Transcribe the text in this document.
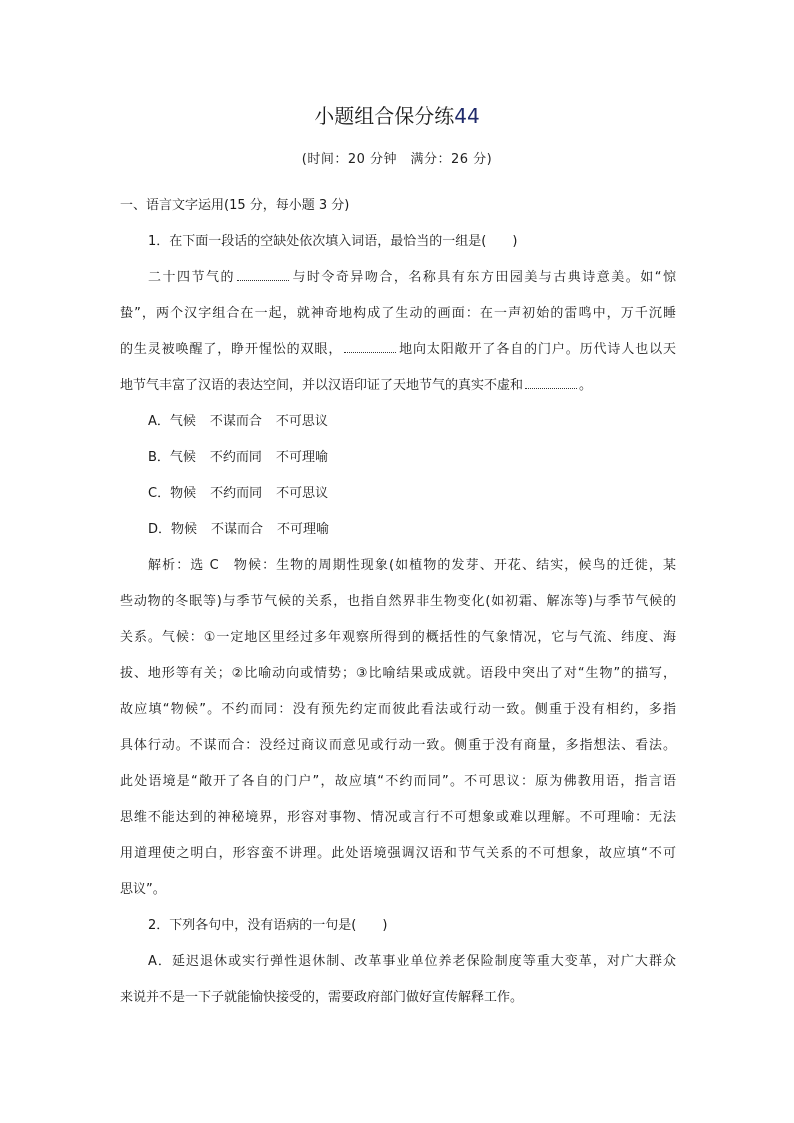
小题组合保分练44
(时间：20 分钟　满分：26 分)
一、语言文字运用(15 分，每小题 3 分)
1．在下面一段话的空缺处依次填入词语，最恰当的一组是(　　)
二十四节气的	与时令奇异吻合，名称具有东方田园美与古典诗意美。如“惊
蛰”，两个汉字组合在一起，就神奇地构成了生动的画面：在一声初始的雷鸣中，万千沉睡
的生灵被唤醒了，睁开惺忪的双眼，	地向太阳敞开了各自的门户。历代诗人也以天
地节气丰富了汉语的表达空间，并以汉语印证了天地节气的真实不虚和	。
A．气候 不谋而合 不可思议
B．气候 不约而同 不可理喻
C．物候 不约而同 不可思议
D．物候 不谋而合 不可理喻
解析：选 C　物候：生物的周期性现象(如植物的发芽、开花、结实，候鸟的迁徙，某
些动物的冬眠等)与季节气候的关系，也指自然界非生物变化(如初霜、解冻等)与季节气候的
关系。气候：①一定地区里经过多年观察所得到的概括性的气象情况，它与气流、纬度、海
拔、地形等有关；②比喻动向或情势；③比喻结果或成就。语段中突出了对“生物”的描写，
故应填“物候”。不约而同：没有预先约定而彼此看法或行动一致。侧重于没有相约，多指
具体行动。不谋而合：没经过商议而意见或行动一致。侧重于没有商量，多指想法、看法。
此处语境是“敞开了各自的门户”，故应填“不约而同”。不可思议：原为佛教用语，指言语
思维不能达到的神秘境界，形容对事物、情况或言行不可想象或难以理解。不可理喻：无法
用道理使之明白，形容蛮不讲理。此处语境强调汉语和节气关系的不可想象，故应填“不可
思议”。
2．下列各句中，没有语病的一句是(　　)
A．延迟退休或实行弹性退休制、改革事业单位养老保险制度等重大变革，对广大群众
来说并不是一下子就能愉快接受的，需要政府部门做好宣传解释工作。
